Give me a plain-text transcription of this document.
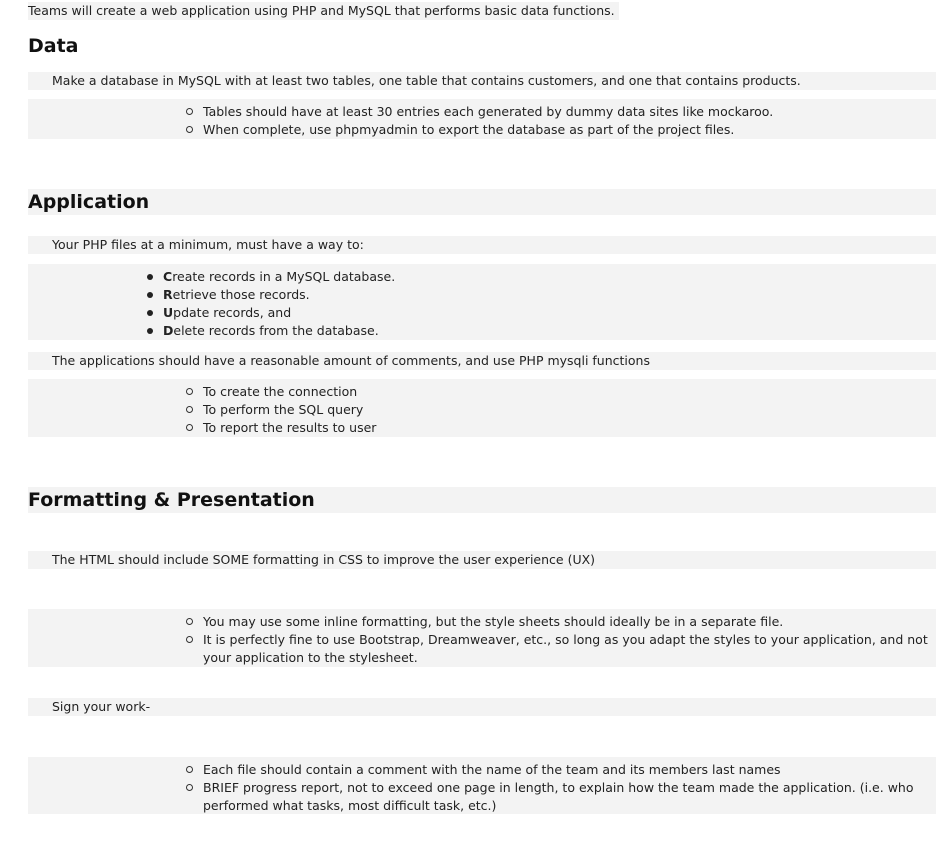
Teams will create a web application using PHP and MySQL that performs basic data functions.
Data
Make a database in MySQL with at least two tables, one table that contains customers, and one that contains products.
Tables should have at least 30 entries each generated by dummy data sites like mockaroo.
When complete, use phpmyadmin to export the database as part of the project files.
Application
Your PHP files at a minimum, must have a way to:
Create records in a MySQL database.
Retrieve those records.
Update records, and
Delete records from the database.
The applications should have a reasonable amount of comments, and use PHP mysqli functions
To create the connection
To perform the SQL query
To report the results to user
Formatting & Presentation
The HTML should include SOME formatting in CSS to improve the user experience (UX)
You may use some inline formatting, but the style sheets should ideally be in a separate file.
It is perfectly fine to use Bootstrap, Dreamweaver, etc., so long as you adapt the styles to your application, and not your application to the stylesheet.
Sign your work-
Each file should contain a comment with the name of the team and its members last names
BRIEF progress report, not to exceed one page in length, to explain how the team made the application. (i.e. who performed what tasks, most difficult task, etc.)
